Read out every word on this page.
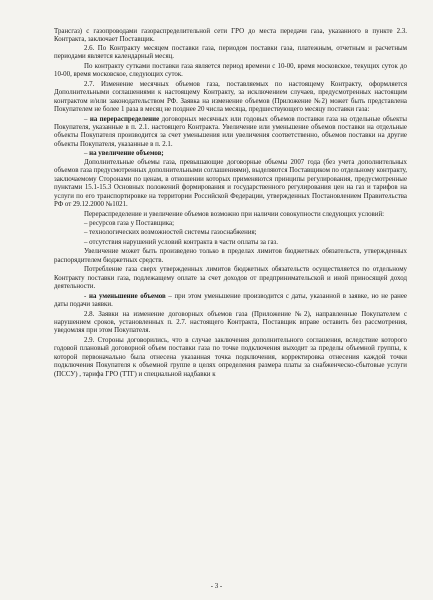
Трансгаз) с газопроводами газораспределительной сети ГРО до места передачи газа, указанного в пункте 2.3. Контракта, заключает Поставщик.

2.6. По Контракту месяцем поставки газа, периодом поставки газа, платежным, отчетным и расчетным периодами является календарный месяц.

По контракту сутками поставки газа является период времени с 10-00, время московское, текущих суток до 10-00, время московское, следующих суток.

2.7. Изменение месячных объемов газа, поставляемых по настоящему Контракту, оформляется Дополнительными соглашениями к настоящему Контракту, за исключением случаев, предусмотренных настоящим контрактом и/или законодательством РФ. Заявка на изменение объемов (Приложение №2) может быть представлена Покупателем не более 1 раза в месяц не позднее 20 числа месяца, предшествующего месяцу поставки газа:

– на перераспределение договорных месячных или годовых объемов поставки газа на отдельные объекты Покупателя, указанные в п. 2.1. настоящего Контракта. Увеличение или уменьшение объемов поставки на отдельные объекты Покупателя производится за счет уменьшения или увеличения соответственно, объемов поставки на другие объекты Покупателя, указанные в п. 2.1.

– на увеличение объемов;

Дополнительные объемы газа, превышающие договорные объемы 2007 года (без учета дополнительных объемов газа предусмотренных дополнительными соглашениями), выделяются Поставщиком по отдельному контракту, заключаемому Сторонами по ценам, в отношении которых применяются принципы регулирования, предусмотренные пунктами 15.1-15.3 Основных положений формирования и государственного регулирования цен на газ и тарифов на услуги по его транспортировке на территории Российской Федерации, утвержденных Постановлением Правительства РФ от 29.12.2000 №1021.

Перераспределение и увеличение объемов возможно при наличии совокупности следующих условий:

– ресурсов газа у Поставщика;

– технологических возможностей системы газоснабжения;

– отсутствия нарушений условий контракта в части оплаты за газ.

Увеличение может быть произведено только в пределах лимитов бюджетных обязательств, утвержденных распорядителем бюджетных средств.

Потребление газа сверх утвержденных лимитов бюджетных обязательств осуществляется по отдельному Контракту поставки газа, подлежащему оплате за счет доходов от предпринимательской и иной приносящей доход деятельности.

- на уменьшение объемов – при этом уменьшение производится с даты, указанной в заявке, но не ранее даты подачи заявки.

2.8. Заявки на изменение договорных объемов газа (Приложение №2), направленные Покупателем с нарушением сроков, установленных п. 2.7. настоящего Контракта, Поставщик вправе оставить без рассмотрения, уведомляя при этом Покупателя.

2.9. Стороны договорились, что в случае заключения дополнительного соглашения, вследствие которого годовой плановый договорной объем поставки газа по точке подключения выходит за пределы объемной группы, к которой первоначально была отнесена указанная точка подключения, корректировка отнесения каждой точки подключения Покупателя к объемной группе в целях определения размера платы за снабженческо-сбытовые услуги (ПССУ) , тарифа ГРО (ТТГ) и специальной надбавки к

- 3 -
